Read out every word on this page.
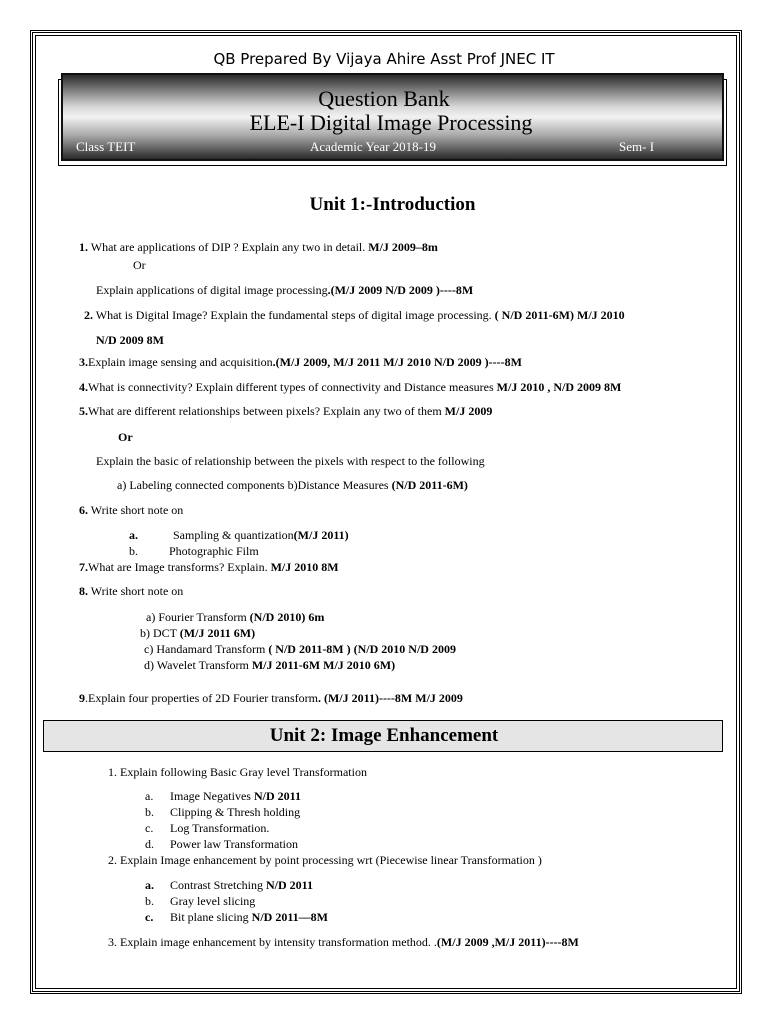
QB Prepared By Vijaya Ahire Asst Prof JNEC IT
Question Bank
ELE-I Digital Image Processing
Class TEIT	Academic Year 2018-19	Sem- I
Unit 1:-Introduction
1. What are applications of DIP ? Explain any two in detail. M/J 2009–8m
Or
Explain applications of digital image processing.(M/J 2009 N/D 2009 )----8M
2. What is Digital Image? Explain the fundamental steps of digital image processing. ( N/D 2011-6M) M/J 2010
N/D 2009 8M
3.Explain image sensing and acquisition.(M/J 2009, M/J 2011 M/J 2010 N/D 2009 )----8M
4.What is connectivity? Explain different types of connectivity and Distance measures M/J 2010 , N/D 2009 8M
5.What are different relationships between pixels? Explain any two of them M/J 2009
Or
Explain the basic of relationship between the pixels with respect to the following
a) Labeling connected components b)Distance Measures (N/D 2011-6M)
6. Write short note on
a.	Sampling & quantization(M/J 2011)
b.	Photographic Film
7.What are Image transforms? Explain. M/J 2010 8M
8. Write short note on
a) Fourier Transform (N/D 2010) 6m
b) DCT (M/J 2011 6M)
c) Handamard Transform ( N/D 2011-8M ) (N/D 2010 N/D 2009
d) Wavelet Transform M/J 2011-6M M/J 2010 6M)
9.Explain four properties of 2D Fourier transform. (M/J 2011)----8M M/J 2009
Unit 2: Image Enhancement
1. Explain following Basic Gray level Transformation
a. Image Negatives N/D 2011
b. Clipping & Thresh holding
c. Log Transformation.
d. Power law Transformation
2. Explain Image enhancement by point processing wrt (Piecewise linear Transformation )
a. Contrast Stretching N/D 2011
b. Gray level slicing
c. Bit plane slicing N/D 2011—8M
3. Explain image enhancement by intensity transformation method. .(M/J 2009 ,M/J 2011)----8M
